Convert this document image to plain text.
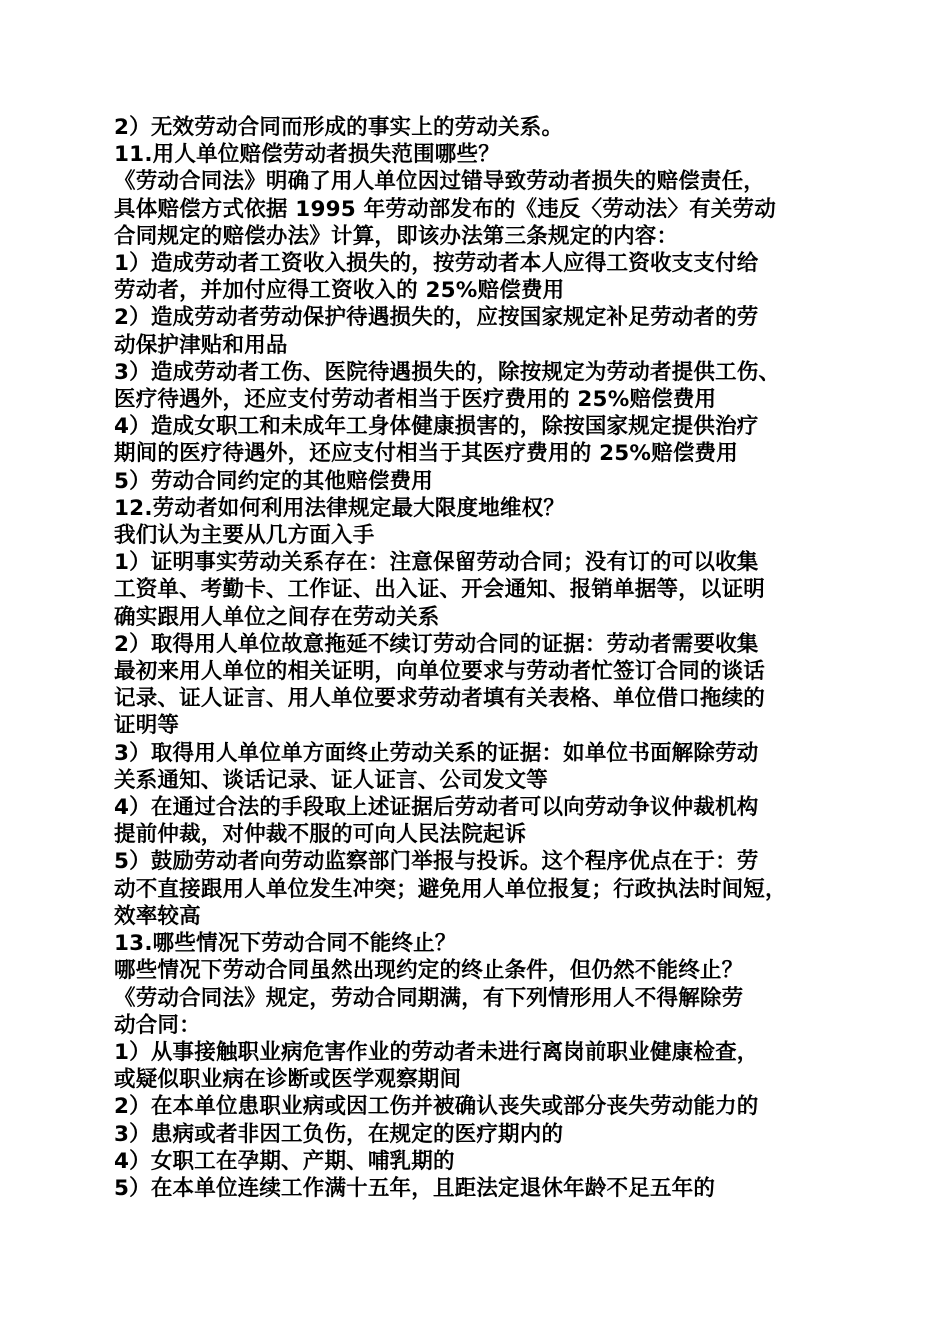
2）无效劳动合同而形成的事实上的劳动关系。
11.用人单位赔偿劳动者损失范围哪些？
《劳动合同法》明确了用人单位因过错导致劳动者损失的赔偿责任，
具体赔偿方式依据 1995 年劳动部发布的《违反〈劳动法〉有关劳动
合同规定的赔偿办法》计算，即该办法第三条规定的内容：
1）造成劳动者工资收入损失的，按劳动者本人应得工资收支支付给
劳动者，并加付应得工资收入的 25%赔偿费用
2）造成劳动者劳动保护待遇损失的，应按国家规定补足劳动者的劳
动保护津贴和用品
3）造成劳动者工伤、医院待遇损失的，除按规定为劳动者提供工伤、
医疗待遇外，还应支付劳动者相当于医疗费用的 25%赔偿费用
4）造成女职工和未成年工身体健康损害的，除按国家规定提供治疗
期间的医疗待遇外，还应支付相当于其医疗费用的 25%赔偿费用
5）劳动合同约定的其他赔偿费用
12.劳动者如何利用法律规定最大限度地维权？
我们认为主要从几方面入手
1）证明事实劳动关系存在：注意保留劳动合同；没有订的可以收集
工资单、考勤卡、工作证、出入证、开会通知、报销单据等，以证明
确实跟用人单位之间存在劳动关系
2）取得用人单位故意拖延不续订劳动合同的证据：劳动者需要收集
最初来用人单位的相关证明，向单位要求与劳动者忙签订合同的谈话
记录、证人证言、用人单位要求劳动者填有关表格、单位借口拖续的
证明等
3）取得用人单位单方面终止劳动关系的证据：如单位书面解除劳动
关系通知、谈话记录、证人证言、公司发文等
4）在通过合法的手段取上述证据后劳动者可以向劳动争议仲裁机构
提前仲裁，对仲裁不服的可向人民法院起诉
5）鼓励劳动者向劳动监察部门举报与投诉。这个程序优点在于：劳
动不直接跟用人单位发生冲突；避免用人单位报复；行政执法时间短，
效率较高
13.哪些情况下劳动合同不能终止？
哪些情况下劳动合同虽然出现约定的终止条件，但仍然不能终止？
《劳动合同法》规定，劳动合同期满，有下列情形用人不得解除劳
动合同：
1）从事接触职业病危害作业的劳动者未进行离岗前职业健康检查，
或疑似职业病在诊断或医学观察期间
2）在本单位患职业病或因工伤并被确认丧失或部分丧失劳动能力的
3）患病或者非因工负伤，在规定的医疗期内的
4）女职工在孕期、产期、哺乳期的
5）在本单位连续工作满十五年，且距法定退休年龄不足五年的
